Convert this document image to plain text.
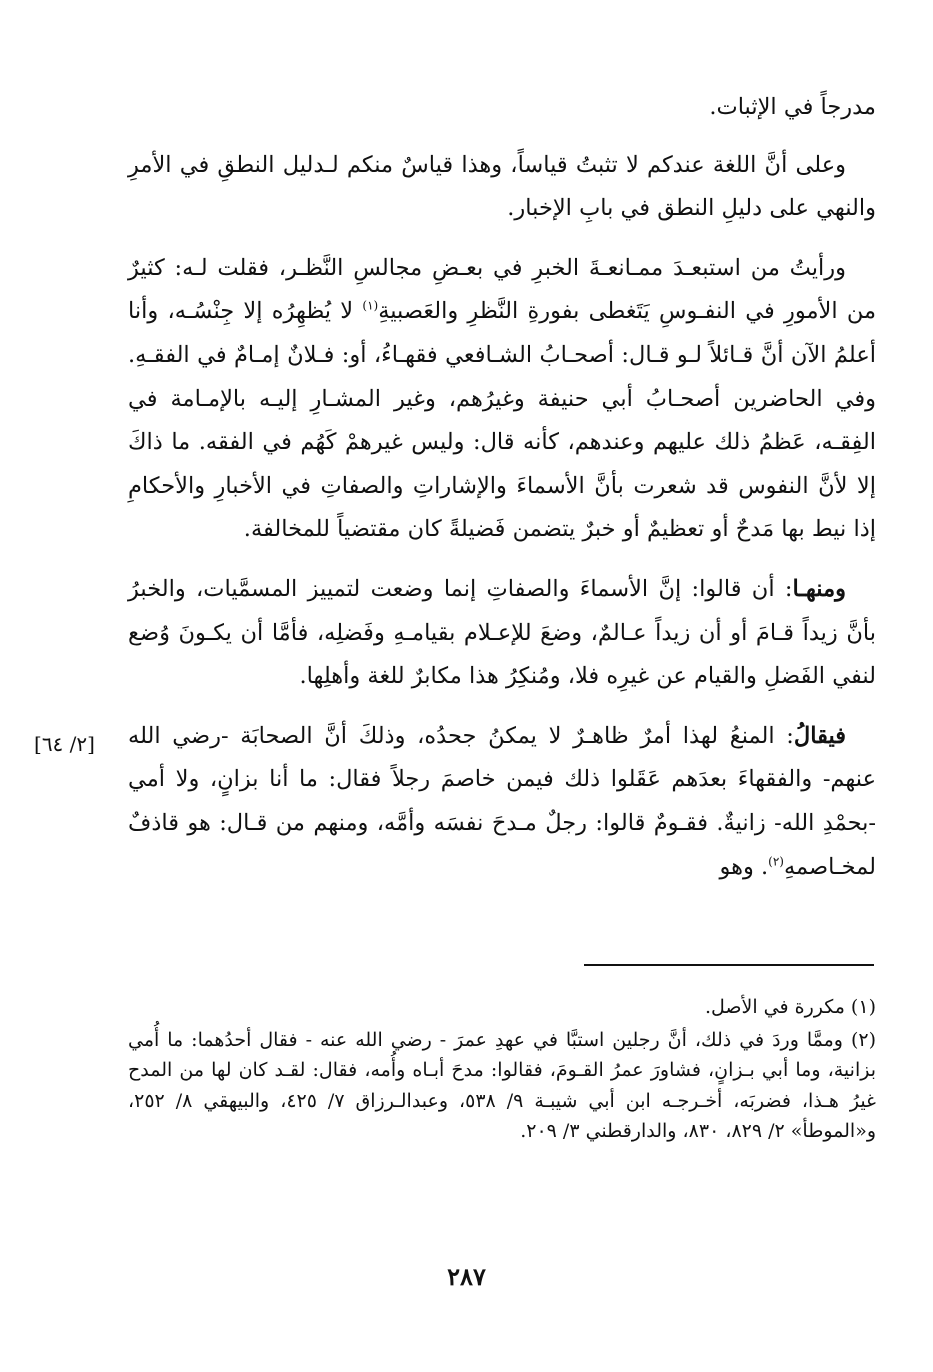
مدرجاً في الإثبات.

وعلى أنَّ اللغة عندكم لا تثبتُ قياساً، وهذا قياسٌ منكم لـدليل النطقِ في الأمرِ والنهي على دليلِ النطق في بابِ الإخبار.

ورأيتُ من استبعـدَ ممـانعـةَ الخبرِ في بعـضِ مجالسِ النَّظـر، فقلت لـه: كثيرٌ من الأمورِ في النفـوسِ يَتَغطى بفورةِ النَّظرِ والعَصبيةِ$^{(١)}$ لا يُظهِرُه إلا جِنْسُـه، وأنا أعلمُ الآن أنَّ قـائلاً لـو قـال: أصحـابُ الشـافعي فقهـاءُ، أو: فـلانٌ إمـامٌ في الفقـهِ. وفي الحاضرين أصحـابُ أبي حنيفة وغيرُهم، وغير المشـارِ إليـه بالإمـامة في الفِقـه، عَظمُ ذلك عليهم وعندهم، كأنه قال: وليس غيرهمْ كَهُم في الفقه. ما ذاكَ إلا لأنَّ النفوس قد شعرت بأنَّ الأسماءَ والإشاراتِ والصفاتِ في الأخبارِ والأحكامِ إذا نيط بها مَدحٌ أو تعظيمٌ أو خبرٌ يتضمن فَضيلةً كان مقتضياً للمخالفة.

ومنهـا: أن قالوا: إنَّ الأسماءَ والصفاتِ إنما وضعت لتمييز المسمَّيات، والخبرُ بأنَّ زيداً قـامَ أو أن زيداً عـالمٌ، وضعَ للإعـلام بقيامـهِ وفَضلِه، فأمَّا أن يكـونَ وُضع لنفي الفَضلِ والقيام عن غيرِه فلا، ومُنكِرُ هذا مكابرٌ للغة وأهلِها.

فيقالُ: المنعُ لهذا أمرٌ ظاهـرٌ لا يمكنُ جحدُه، وذلكَ أنَّ الصحابَة -رضي الله عنهم- والفقهاءَ بعدَهم عَقَلوا ذلك فيمن خاصمَ رجلاً فقال: ما أنا بزانٍ، ولا أمي -بحمْدِ الله- زانيةٌ. فقـومٌ قالوا: رجلٌ مـدحَ نفسَه وأمَّه، ومنهم من قـال: هو قاذفٌ لمخـاصمهِ$^{(٢)}$. وهو

[٢/ ٦٤]

(١) مكررة في الأصل.

(٢) وممَّا وردَ في ذلك، أنَّ رجلين استبَّا في عهدِ عمرَ - رضي الله عنه - فقال أحدُهما: ما أُمي بزانية، وما أبي بـزانٍ، فشاورَ عمرُ القـومَ، فقالوا: مدحَ أبـاه وأُمه، فقال: لقـد كان لها من المدح غيرُ هـذا، فضربَه، أخـرجـه ابن أبي شيبـة ٩/ ٥٣٨، وعبدالـرزاق ٧/ ٤٢٥، والبيهقي ٨/ ٢٥٢، و«الموطأ» ٢/ ٨٢٩، ٨٣٠، والدارقطني ٣/ ٢٠٩.

٢٨٧
